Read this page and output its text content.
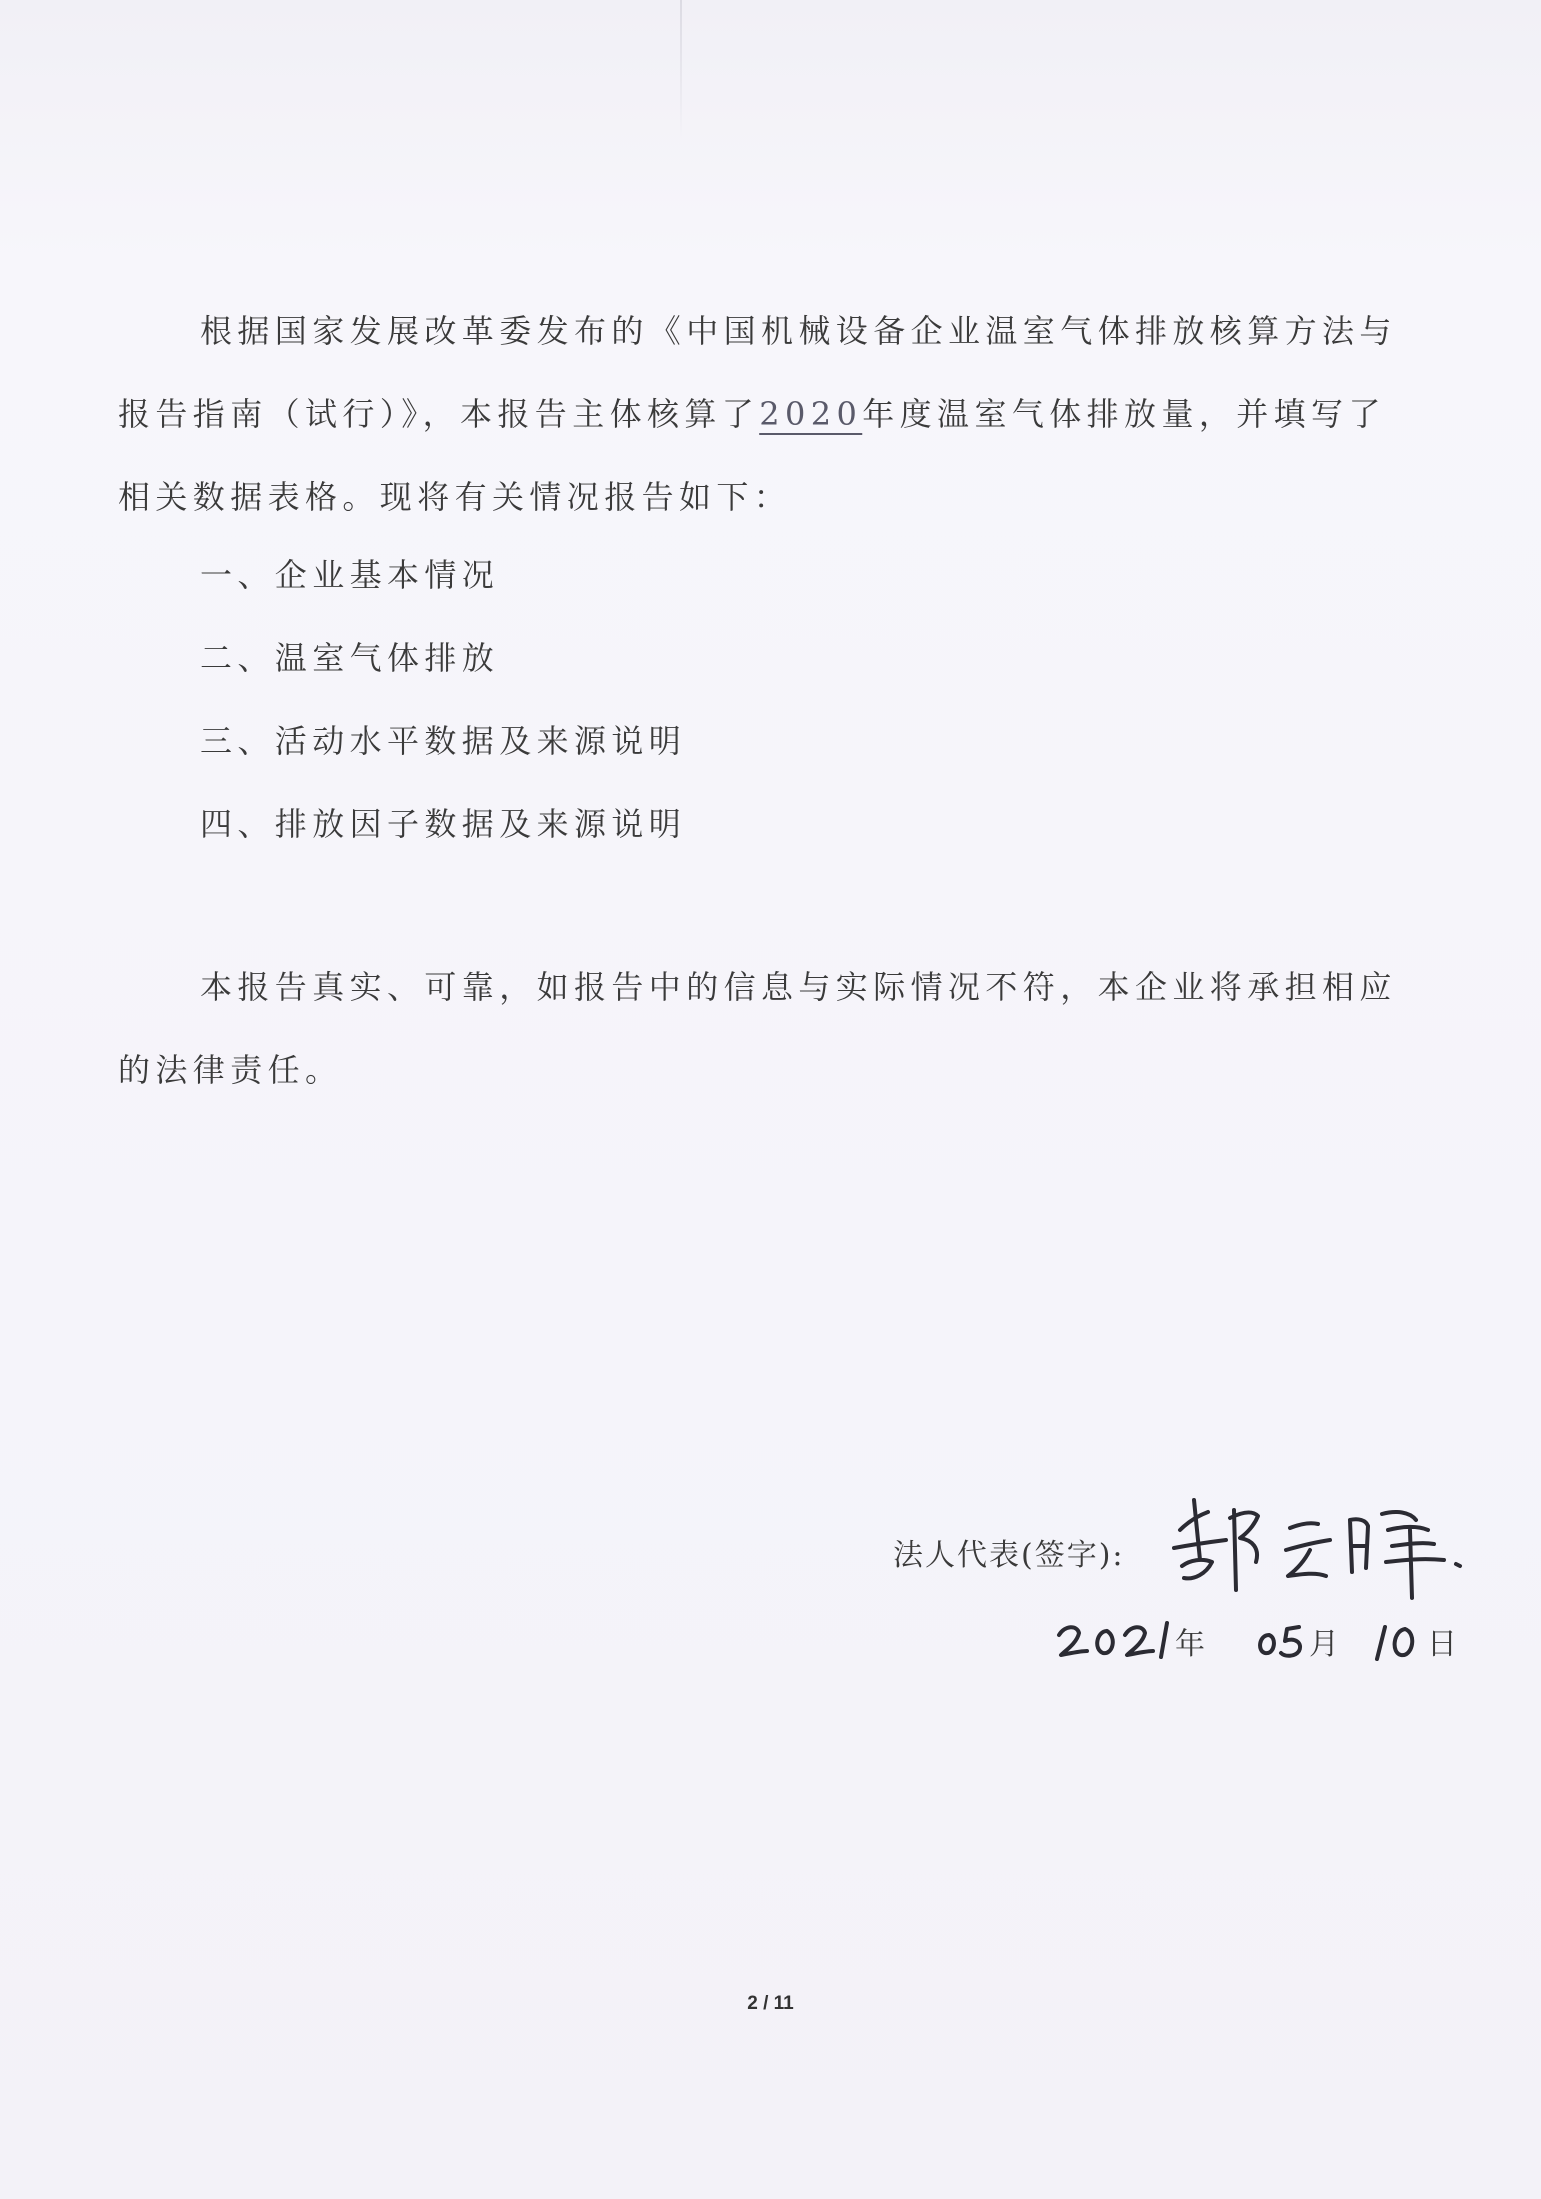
根据国家发展改革委发布的《中国机械设备企业温室气体排放核算方法与报告指南（试行）》，本报告主体核算了2020年度温室气体排放量，并填写了相关数据表格。现将有关情况报告如下：

一、企业基本情况
二、温室气体排放
三、活动水平数据及来源说明
四、排放因子数据及来源说明

本报告真实、可靠，如报告中的信息与实际情况不符，本企业将承担相应的法律责任。

法人代表(签字):
年	月	日
2 / 11
